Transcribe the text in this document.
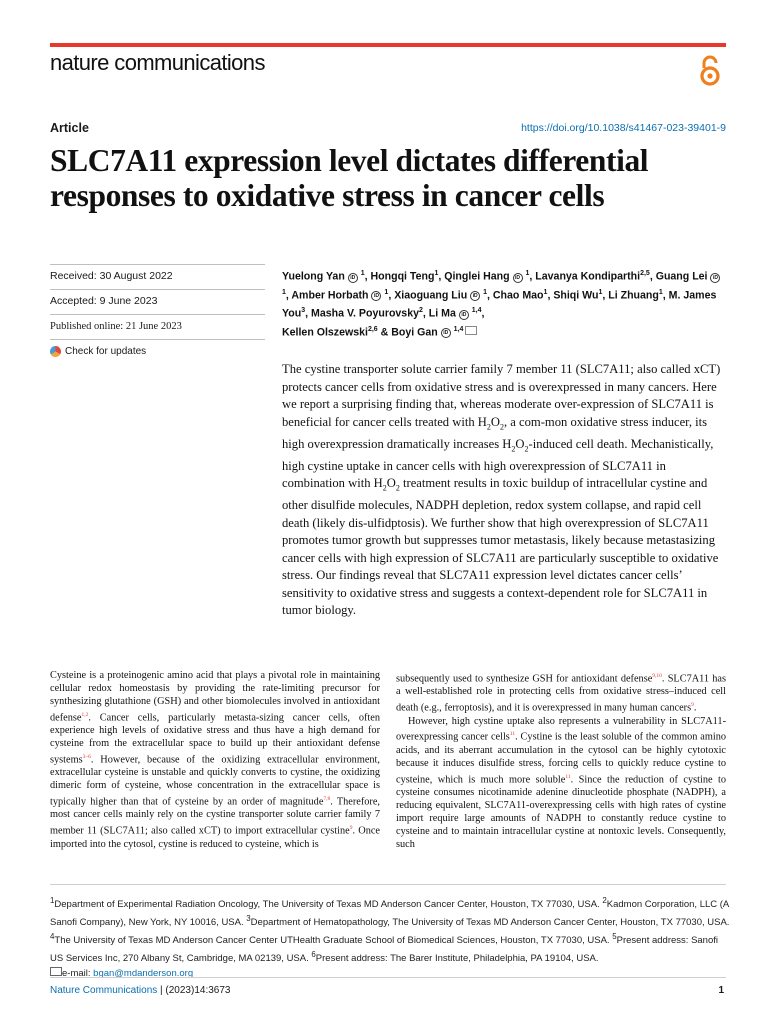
nature communications
Article	https://doi.org/10.1038/s41467-023-39401-9
SLC7A11 expression level dictates differential responses to oxidative stress in cancer cells
Received: 30 August 2022
Accepted: 9 June 2023
Published online: 21 June 2023
Check for updates
Yuelong Yan iD $^1$, Hongqi Teng$^1$, Qinglei Hang iD $^1$, Lavanya Kondiparthi$^{2,5}$, Guang Lei iD $^1$, Amber Horbath iD $^1$, Xiaoguang Liu iD $^1$, Chao Mao$^1$, Shiqi Wu$^1$, Li Zhuang$^1$, M. James You$^3$, Masha V. Poyurovsky$^2$, Li Ma iD $^{1,4}$,
Kellen Olszewski$^{2,6}$ & Boyi Gan iD $^{1,4}$
The cystine transporter solute carrier family 7 member 11 (SLC7A11; also called xCT) protects cancer cells from oxidative stress and is overexpressed in many cancers. Here we report a surprising finding that, whereas moderate over-expression of SLC7A11 is beneficial for cancer cells treated with $H_2O_2$, a com-mon oxidative stress inducer, its high overexpression dramatically increases $H_2O_2$-induced cell death. Mechanistically, high cystine uptake in cancer cells with high overexpression of SLC7A11 in combination with $H_2O_2$ treatment results in toxic buildup of intracellular cystine and other disulfide molecules, NADPH depletion, redox system collapse, and rapid cell death (likely dis-ulfidptosis). We further show that high overexpression of SLC7A11 promotes tumor growth but suppresses tumor metastasis, likely because metastasizing cancer cells with high expression of SLC7A11 are particularly susceptible to oxidative stress. Our findings reveal that SLC7A11 expression level dictates cancer cells’ sensitivity to oxidative stress and suggests a context-dependent role for SLC7A11 in tumor biology.

Cysteine is a proteinogenic amino acid that plays a pivotal role in maintaining cellular redox homeostasis by providing the rate-limiting precursor for synthesizing glutathione (GSH) and other biomolecules involved in antioxidant defense$^{1,2}$. Cancer cells, particularly metasta-sizing cancer cells, often experience high levels of oxidative stress and thus have a high demand for cysteine from the extracellular space to build up their antioxidant defense systems$^{3-6}$. However, because of the oxidizing extracellular environment, extracellular cysteine is unstable and quickly converts to cystine, the oxidizing dimeric form of cysteine, whose concentration in the extracellular space is typically higher than that of cysteine by an order of magnitude$^{7,8}$. Therefore, most cancer cells mainly rely on the cystine transporter solute carrier family 7 member 11 (SLC7A11; also called xCT) to import extracellular cystine$^9$. Once imported into the cytosol, cystine is reduced to cysteine, which is

subsequently used to synthesize GSH for antioxidant defense$^{9,10}$. SLC7A11 has a well-established role in protecting cells from oxidative stress–induced cell death (e.g., ferroptosis), and it is overexpressed in many human cancers$^9$.

However, high cystine uptake also represents a vulnerability in SLC7A11-overexpressing cancer cells$^{11}$. Cystine is the least soluble of the common amino acids, and its aberrant accumulation in the cytosol can be highly cytotoxic because it induces disulfide stress, forcing cells to quickly reduce cystine to cysteine, which is much more soluble$^{11}$. Since the reduction of cystine to cysteine consumes nicotinamide adenine dinucleotide phosphate (NADPH), a reducing equivalent, SLC7A11-overexpressing cells with high rates of cystine import require large amounts of NADPH to constantly reduce cystine to cysteine and to maintain intracellular cystine at nontoxic levels. Consequently, such

$^1$Department of Experimental Radiation Oncology, The University of Texas MD Anderson Cancer Center, Houston, TX 77030, USA. $^2$Kadmon Corporation, LLC (A Sanofi Company), New York, NY 10016, USA. $^3$Department of Hematopathology, The University of Texas MD Anderson Cancer Center, Houston, TX 77030, USA. $^4$The University of Texas MD Anderson Cancer Center UTHealth Graduate School of Biomedical Sciences, Houston, TX 77030, USA. $^5$Present address: Sanofi US Services Inc, 270 Albany St, Cambridge, MA 02139, USA. $^6$Present address: The Barer Institute, Philadelphia, PA 19104, USA.
e-mail: bgan@mdanderson.org

Nature Communications | (2023)14:3673	1
